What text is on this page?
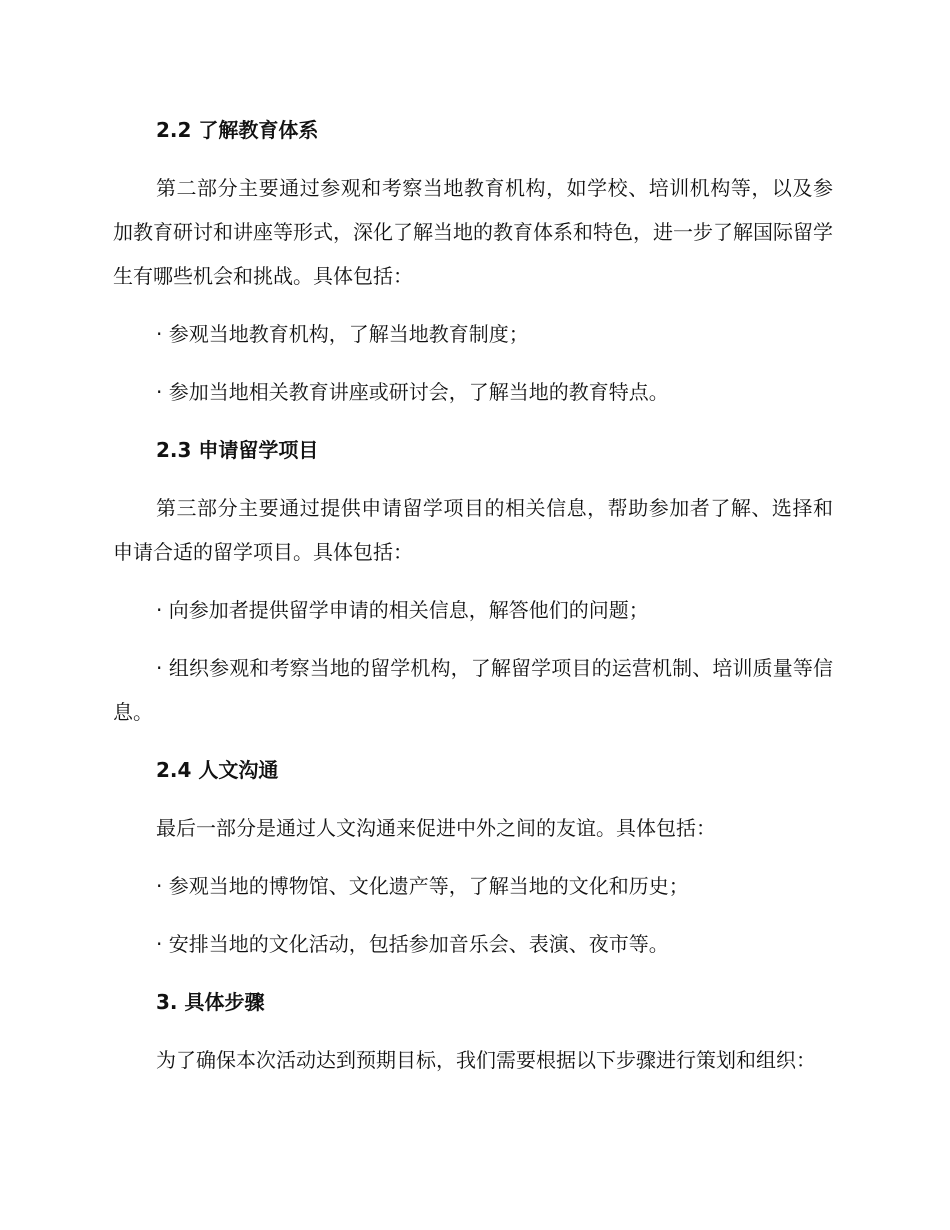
2.2 了解教育体系

第二部分主要通过参观和考察当地教育机构，如学校、培训机构等，以及参加教育研讨和讲座等形式，深化了解当地的教育体系和特色，进一步了解国际留学生有哪些机会和挑战。具体包括：

· 参观当地教育机构，了解当地教育制度；

· 参加当地相关教育讲座或研讨会，了解当地的教育特点。

2.3 申请留学项目

第三部分主要通过提供申请留学项目的相关信息，帮助参加者了解、选择和申请合适的留学项目。具体包括：

· 向参加者提供留学申请的相关信息，解答他们的问题；

· 组织参观和考察当地的留学机构，了解留学项目的运营机制、培训质量等信息。

2.4 人文沟通

最后一部分是通过人文沟通来促进中外之间的友谊。具体包括：

· 参观当地的博物馆、文化遗产等，了解当地的文化和历史；

· 安排当地的文化活动，包括参加音乐会、表演、夜市等。

3. 具体步骤

为了确保本次活动达到预期目标，我们需要根据以下步骤进行策划和组织：
